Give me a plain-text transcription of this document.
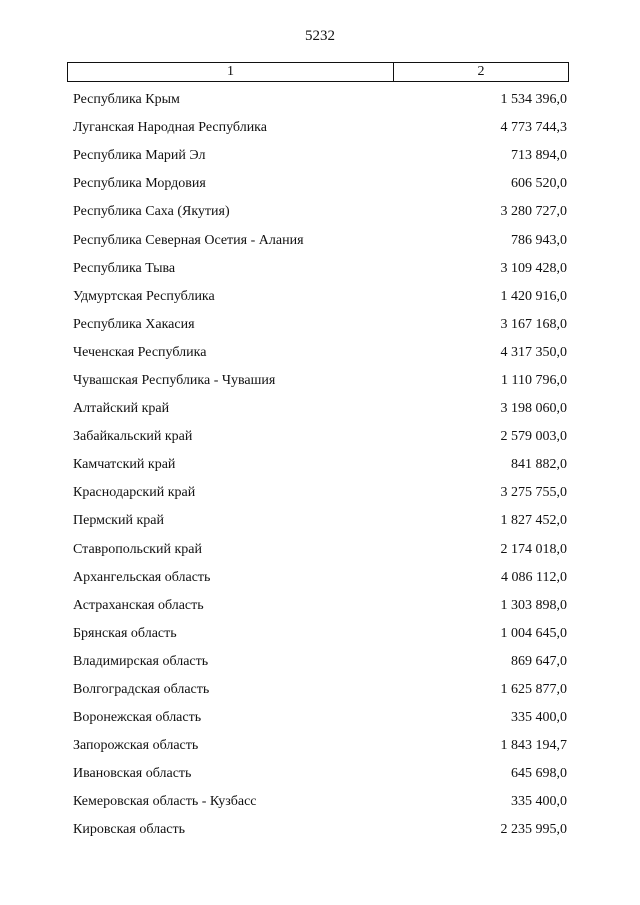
5232
1	2
Республика Крым	1 534 396,0
Луганская Народная Республика	4 773 744,3
Республика Марий Эл	713 894,0
Республика Мордовия	606 520,0
Республика Саха (Якутия)	3 280 727,0
Республика Северная Осетия - Алания	786 943,0
Республика Тыва	3 109 428,0
Удмуртская Республика	1 420 916,0
Республика Хакасия	3 167 168,0
Чеченская Республика	4 317 350,0
Чувашская Республика - Чувашия	1 110 796,0
Алтайский край	3 198 060,0
Забайкальский край	2 579 003,0
Камчатский край	841 882,0
Краснодарский край	3 275 755,0
Пермский край	1 827 452,0
Ставропольский край	2 174 018,0
Архангельская область	4 086 112,0
Астраханская область	1 303 898,0
Брянская область	1 004 645,0
Владимирская область	869 647,0
Волгоградская область	1 625 877,0
Воронежская область	335 400,0
Запорожская область	1 843 194,7
Ивановская область	645 698,0
Кемеровская область - Кузбасс	335 400,0
Кировская область	2 235 995,0
